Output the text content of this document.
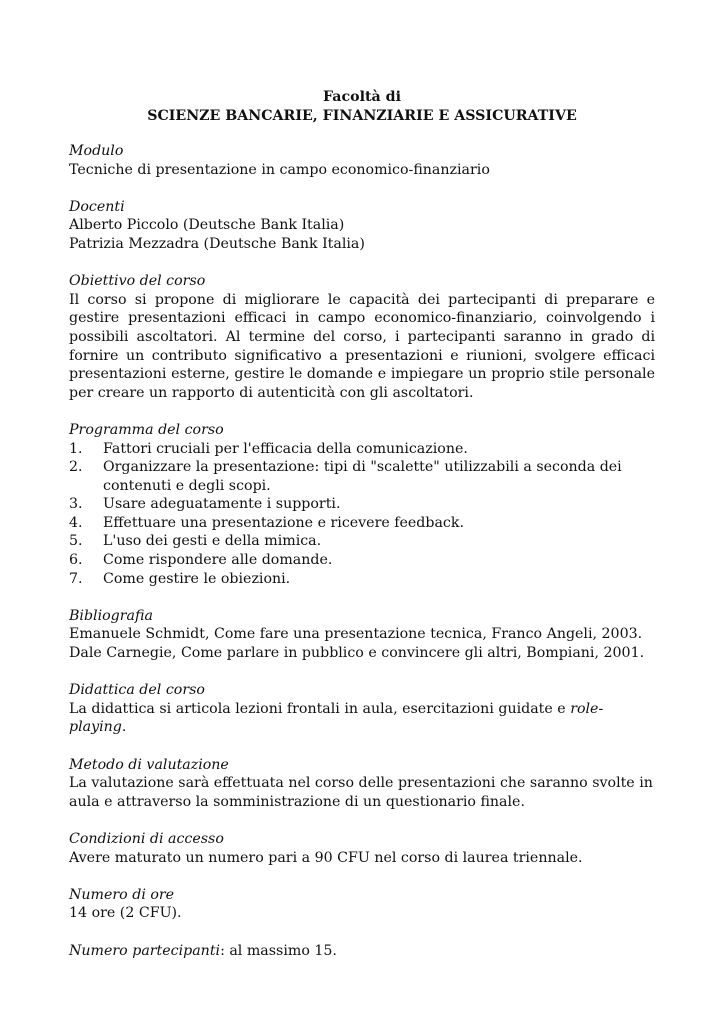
Facoltà di
SCIENZE BANCARIE, FINANZIARIE E ASSICURATIVE
Modulo
Tecniche di presentazione in campo economico-finanziario
Docenti
Alberto Piccolo (Deutsche Bank Italia)
Patrizia Mezzadra (Deutsche Bank Italia)
Obiettivo del corso
Il corso si propone di migliorare le capacità dei partecipanti di preparare e gestire presentazioni efficaci in campo economico-finanziario, coinvolgendo i possibili ascoltatori. Al termine del corso, i partecipanti saranno in grado di fornire un contributo significativo a presentazioni e riunioni, svolgere efficaci presentazioni esterne, gestire le domande e impiegare un proprio stile personale per creare un rapporto di autenticità con gli ascoltatori.
Programma del corso
1.	Fattori cruciali per l'efficacia della comunicazione.
2.	Organizzare la presentazione: tipi di "scalette" utilizzabili a seconda dei contenuti e degli scopi.
3.	Usare adeguatamente i supporti.
4.	Effettuare una presentazione e ricevere feedback.
5.	L'uso dei gesti e della mimica.
6.	Come rispondere alle domande.
7.	Come gestire le obiezioni.
Bibliografia
Emanuele Schmidt, Come fare una presentazione tecnica, Franco Angeli, 2003.
Dale Carnegie, Come parlare in pubblico e convincere gli altri, Bompiani, 2001.
Didattica del corso
La didattica si articola lezioni frontali in aula, esercitazioni guidate e role-playing.
Metodo di valutazione
La valutazione sarà effettuata nel corso delle presentazioni che saranno svolte in aula e attraverso la somministrazione di un questionario finale.
Condizioni di accesso
Avere maturato un numero pari a 90 CFU nel corso di laurea triennale.
Numero di ore
14 ore (2 CFU).
Numero partecipanti: al massimo 15.
